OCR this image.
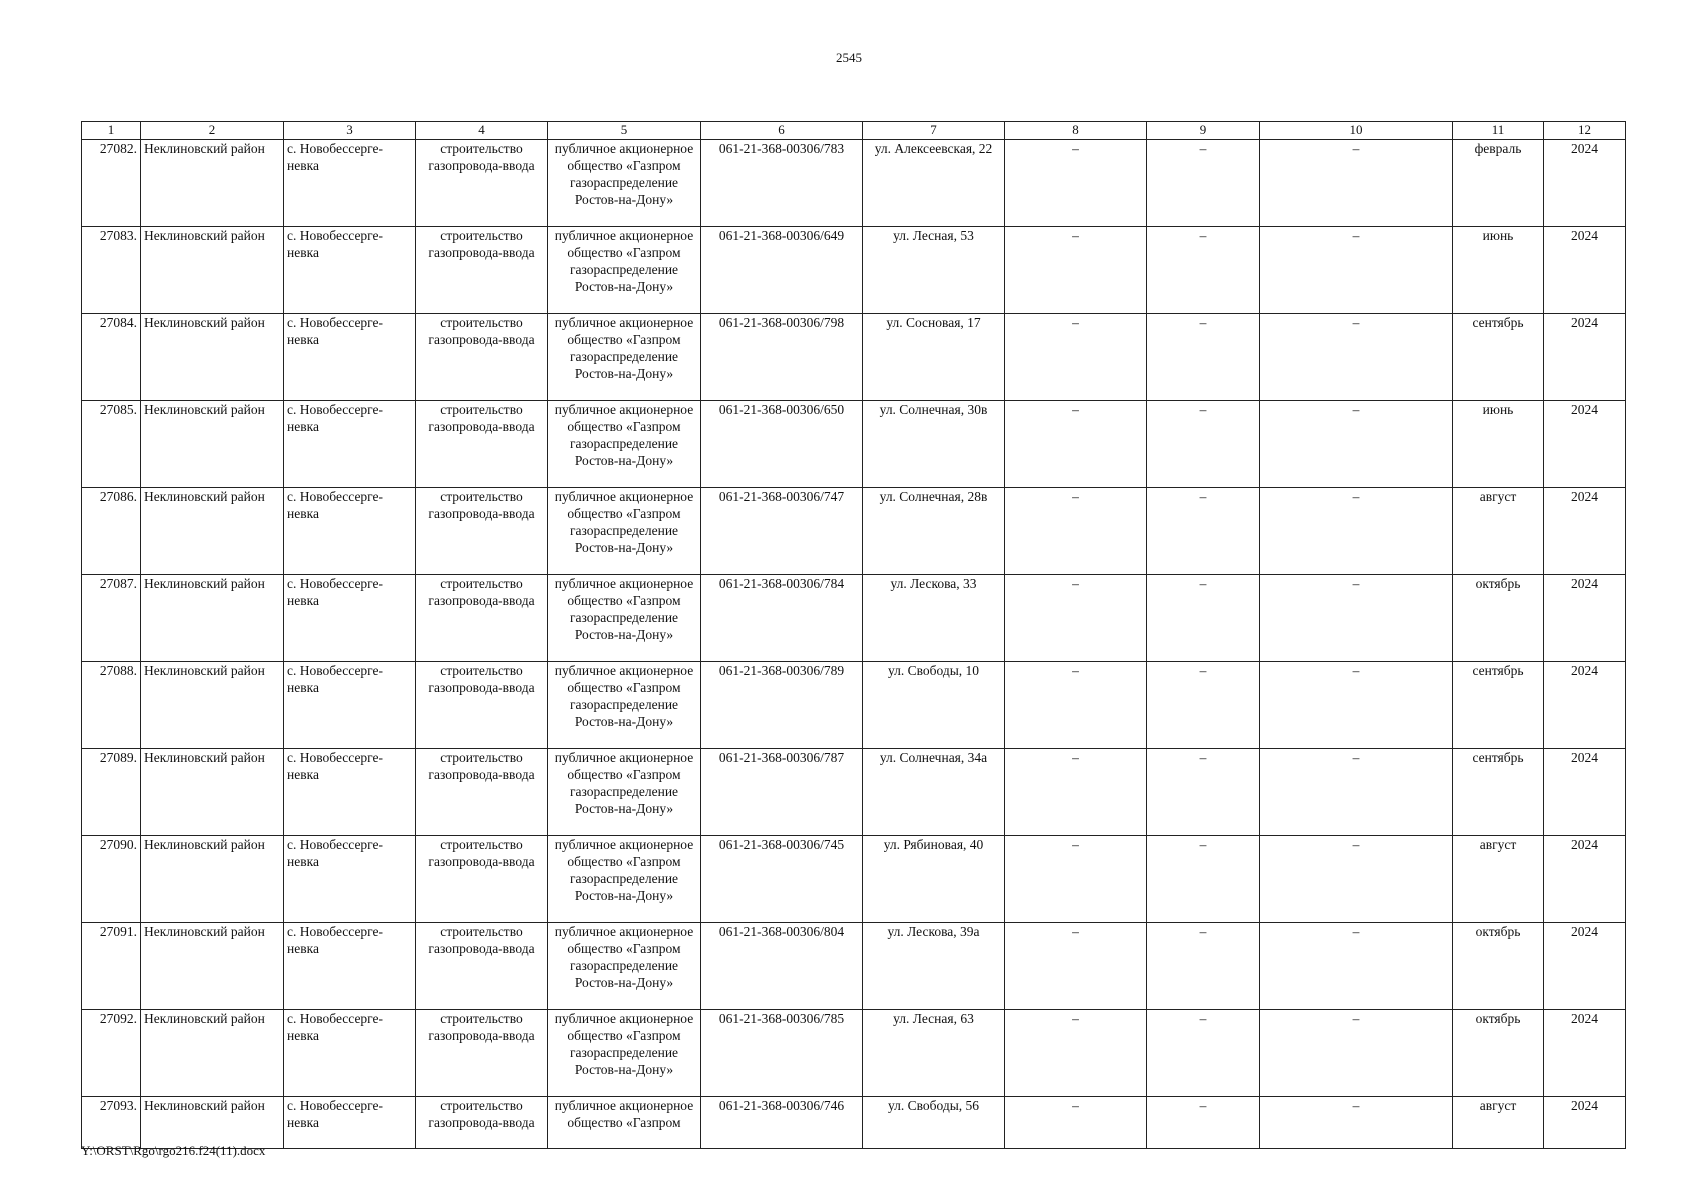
2545
1	2	3	4	5	6	7	8	9	10	11	12
27082.	Неклиновский район	с. Новобессерге-невка	строительство газопровода-ввода	публичное акционерное общество «Газпром газораспределение Ростов-на-Дону»	061-21-368-00306/783	ул. Алексеевская, 22	–	–	–	февраль	2024
27083.	Неклиновский район	с. Новобессерге-невка	строительство газопровода-ввода	публичное акционерное общество «Газпром газораспределение Ростов-на-Дону»	061-21-368-00306/649	ул. Лесная, 53	–	–	–	июнь	2024
27084.	Неклиновский район	с. Новобессерге-невка	строительство газопровода-ввода	публичное акционерное общество «Газпром газораспределение Ростов-на-Дону»	061-21-368-00306/798	ул. Сосновая, 17	–	–	–	сентябрь	2024
27085.	Неклиновский район	с. Новобессерге-невка	строительство газопровода-ввода	публичное акционерное общество «Газпром газораспределение Ростов-на-Дону»	061-21-368-00306/650	ул. Солнечная, 30в	–	–	–	июнь	2024
27086.	Неклиновский район	с. Новобессерге-невка	строительство газопровода-ввода	публичное акционерное общество «Газпром газораспределение Ростов-на-Дону»	061-21-368-00306/747	ул. Солнечная, 28в	–	–	–	август	2024
27087.	Неклиновский район	с. Новобессерге-невка	строительство газопровода-ввода	публичное акционерное общество «Газпром газораспределение Ростов-на-Дону»	061-21-368-00306/784	ул. Лескова, 33	–	–	–	октябрь	2024
27088.	Неклиновский район	с. Новобессерге-невка	строительство газопровода-ввода	публичное акционерное общество «Газпром газораспределение Ростов-на-Дону»	061-21-368-00306/789	ул. Свободы, 10	–	–	–	сентябрь	2024
27089.	Неклиновский район	с. Новобессерге-невка	строительство газопровода-ввода	публичное акционерное общество «Газпром газораспределение Ростов-на-Дону»	061-21-368-00306/787	ул. Солнечная, 34а	–	–	–	сентябрь	2024
27090.	Неклиновский район	с. Новобессерге-невка	строительство газопровода-ввода	публичное акционерное общество «Газпром газораспределение Ростов-на-Дону»	061-21-368-00306/745	ул. Рябиновая, 40	–	–	–	август	2024
27091.	Неклиновский район	с. Новобессерге-невка	строительство газопровода-ввода	публичное акционерное общество «Газпром газораспределение Ростов-на-Дону»	061-21-368-00306/804	ул. Лескова, 39а	–	–	–	октябрь	2024
27092.	Неклиновский район	с. Новобессерге-невка	строительство газопровода-ввода	публичное акционерное общество «Газпром газораспределение Ростов-на-Дону»	061-21-368-00306/785	ул. Лесная, 63	–	–	–	октябрь	2024
27093.	Неклиновский район	с. Новобессерге-невка	строительство газопровода-ввода	публичное акционерное общество «Газпром	061-21-368-00306/746	ул. Свободы, 56	–	–	–	август	2024
Y:\ORST\Rgo\rgo216.f24(11).docx
